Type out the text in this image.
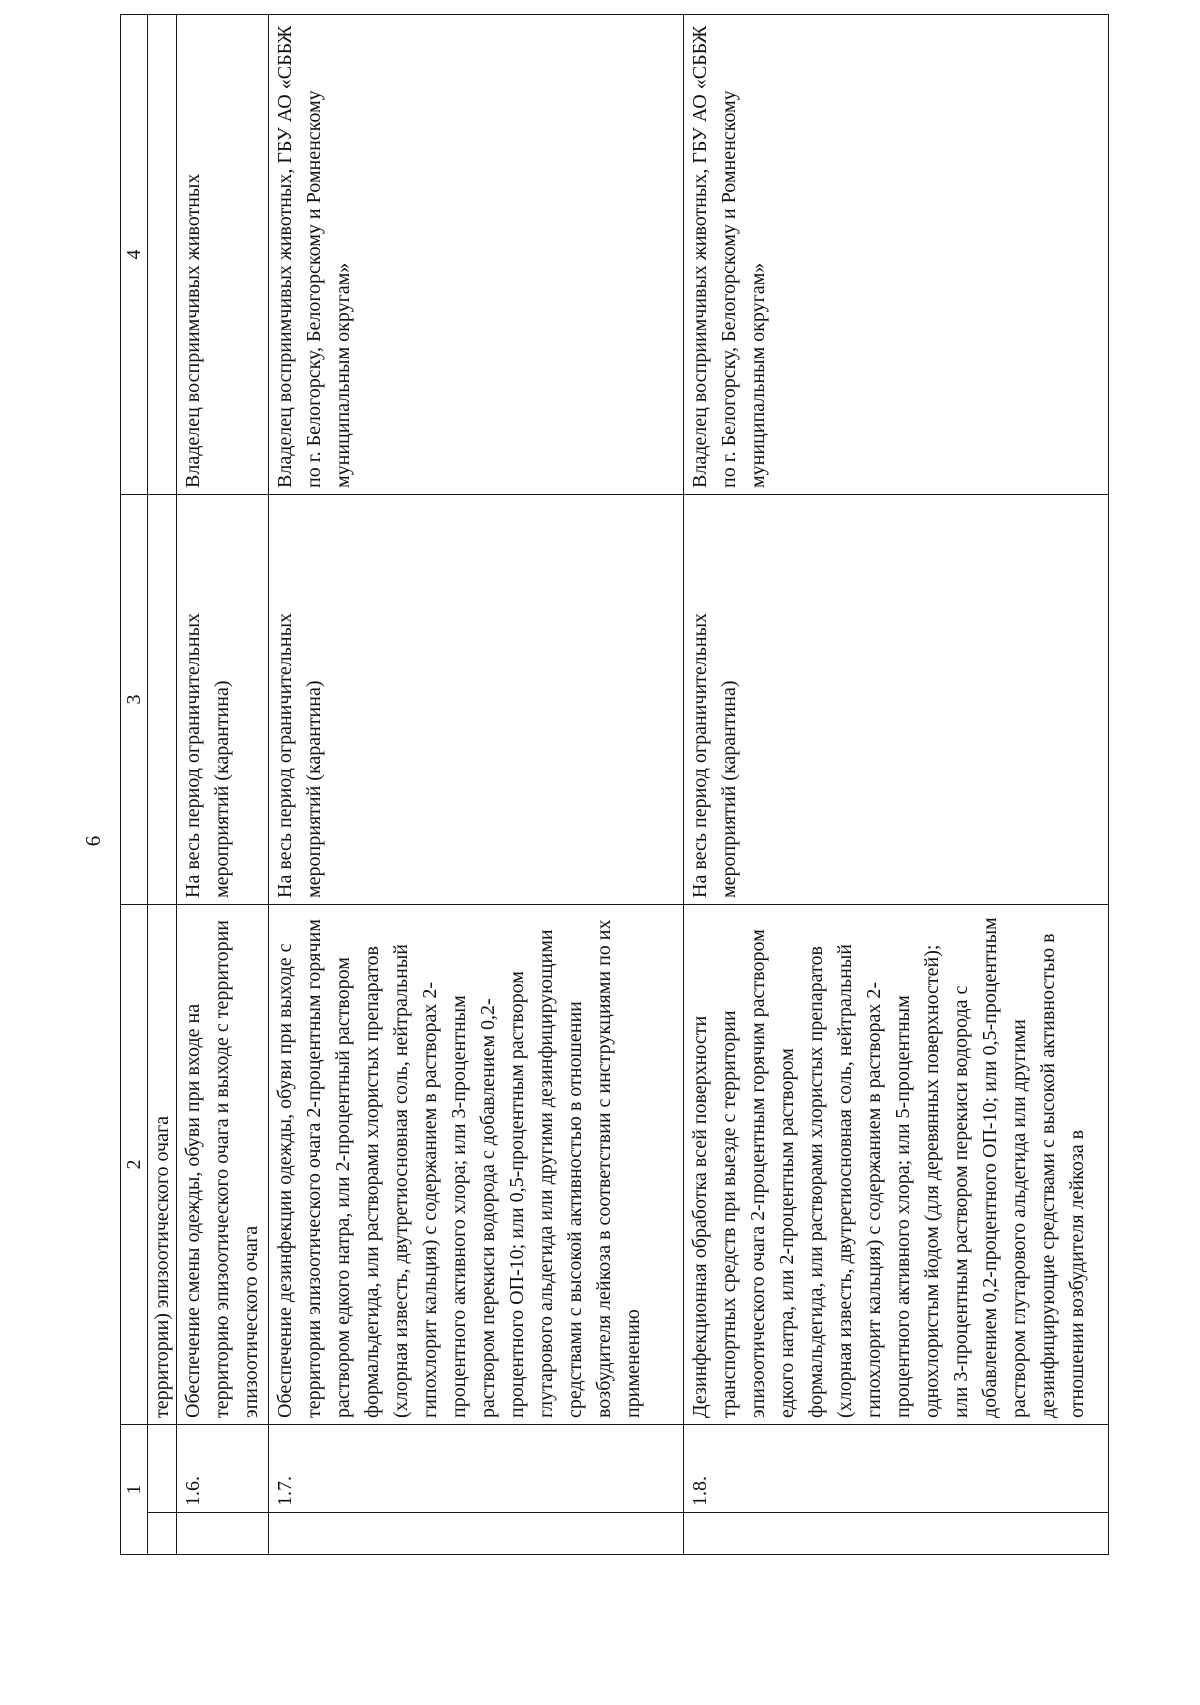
6
1		2	3	4
		территории) эпизоотического очага		
	1.6.	Обеспечение смены одежды, обуви при входе на территорию эпизоотического очага и выходе с территории эпизоотического очага	На весь период ограничительных мероприятий (карантина)	Владелец восприимчивых животных
	1.7.	Обеспечение дезинфекции одежды, обуви при выходе с территории эпизоотического очага 2-процентным горячим раствором едкого натра, или 2-процентный раствором формальдегида, или растворами хлористых препаратов (хлорная известь, двутретиосновная соль, нейтральный гипохлорит кальция) с содержанием в растворах 2-процентного активного хлора; или 3-процентным раствором перекиси водорода с добавлением 0,2-процентного ОП-10; или 0,5-процентным раствором глутарового альдегида или другими дезинфицирующими средствами с высокой активностью в отношении возбудителя лейкоза в соответствии с инструкциями по их применению	На весь период ограничительных мероприятий (карантина)	Владелец восприимчивых животных, ГБУ АО «СББЖ по г. Белогорску, Белогорскому и Ромненскому муниципальным округам»
	1.8.	Дезинфекционная обработка всей поверхности транспортных средств при выезде с территории эпизоотического очага 2-процентным горячим раствором едкого натра, или 2-процентным раствором формальдегида, или растворами хлористых препаратов (хлорная известь, двутретиосновная соль, нейтральный гипохлорит кальция) с содержанием в растворах 2-процентного активного хлора; или 5-процентным однохлористым йодом (для деревянных поверхностей); или 3-процентным раствором перекиси водорода с добавлением 0,2-процентного ОП-10; или 0,5-процентным раствором глутарового альдегида или другими дезинфицирующие средствами с высокой активностью в отношении возбудителя лейкоза в	На весь период ограничительных мероприятий (карантина)	Владелец восприимчивых животных, ГБУ АО «СББЖ по г. Белогорску, Белогорскому и Ромненскому муниципальным округам»
